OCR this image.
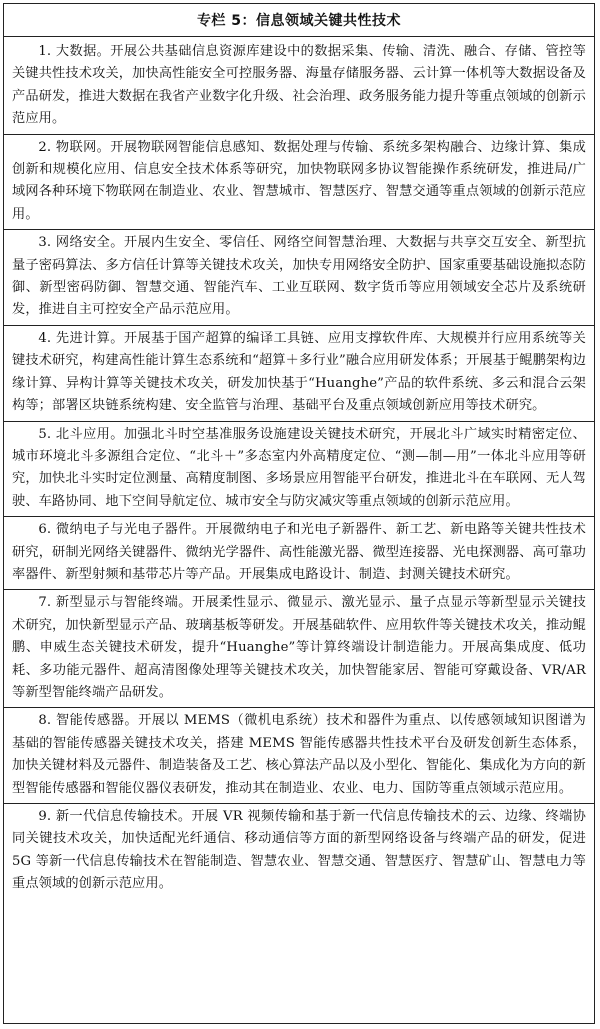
专栏 5：信息领域关键共性技术
1. 大数据。开展公共基础信息资源库建设中的数据采集、传输、清洗、融合、存储、管控等关键共性技术攻关，加快高性能安全可控服务器、海量存储服务器、云计算一体机等大数据设备及产品研发，推进大数据在我省产业数字化升级、社会治理、政务服务能力提升等重点领域的创新示范应用。
2. 物联网。开展物联网智能信息感知、数据处理与传输、系统多架构融合、边缘计算、集成创新和规模化应用、信息安全技术体系等研究，加快物联网多协议智能操作系统研发，推进局/广域网各种环境下物联网在制造业、农业、智慧城市、智慧医疗、智慧交通等重点领域的创新示范应用。
3. 网络安全。开展内生安全、零信任、网络空间智慧治理、大数据与共享交互安全、新型抗量子密码算法、多方信任计算等关键技术攻关，加快专用网络安全防护、国家重要基础设施拟态防御、新型密码防御、智慧交通、智能汽车、工业互联网、数字货币等应用领域安全芯片及系统研发，推进自主可控安全产品示范应用。
4. 先进计算。开展基于国产超算的编译工具链、应用支撑软件库、大规模并行应用系统等关键技术研究，构建高性能计算生态系统和“超算＋多行业”融合应用研发体系；开展基于鲲鹏架构边缘计算、异构计算等关键技术攻关，研发加快基于“Huanghe”产品的软件系统、多云和混合云架构等；部署区块链系统构建、安全监管与治理、基础平台及重点领域创新应用等技术研究。
5. 北斗应用。加强北斗时空基准服务设施建设关键技术研究，开展北斗广域实时精密定位、城市环境北斗多源组合定位、“北斗＋”多态室内外高精度定位、“测—制—用”一体北斗应用等研究，加快北斗实时定位测量、高精度制图、多场景应用智能平台研发，推进北斗在车联网、无人驾驶、车路协同、地下空间导航定位、城市安全与防灾减灾等重点领域的创新示范应用。
6. 微纳电子与光电子器件。开展微纳电子和光电子新器件、新工艺、新电路等关键共性技术研究，研制光网络关键器件、微纳光学器件、高性能激光器、微型连接器、光电探测器、高可靠功率器件、新型射频和基带芯片等产品。开展集成电路设计、制造、封测关键技术研究。
7. 新型显示与智能终端。开展柔性显示、微显示、激光显示、量子点显示等新型显示关键技术研究，加快新型显示产品、玻璃基板等研发。开展基础软件、应用软件等关键技术攻关，推动鲲鹏、申威生态关键技术研发，提升“Huanghe”等计算终端设计制造能力。开展高集成度、低功耗、多功能元器件、超高清图像处理等关键技术攻关，加快智能家居、智能可穿戴设备、VR/AR 等新型智能终端产品研发。
8. 智能传感器。开展以 MEMS（微机电系统）技术和器件为重点、以传感领域知识图谱为基础的智能传感器关键技术攻关，搭建 MEMS 智能传感器共性技术平台及研发创新生态体系，加快关键材料及元器件、制造装备及工艺、核心算法产品以及小型化、智能化、集成化为方向的新型智能传感器和智能仪器仪表研发，推动其在制造业、农业、电力、国防等重点领域示范应用。
9. 新一代信息传输技术。开展 VR 视频传输和基于新一代信息传输技术的云、边缘、终端协同关键技术攻关，加快适配光纤通信、移动通信等方面的新型网络设备与终端产品的研发，促进 5G 等新一代信息传输技术在智能制造、智慧农业、智慧交通、智慧医疗、智慧矿山、智慧电力等重点领域的创新示范应用。
